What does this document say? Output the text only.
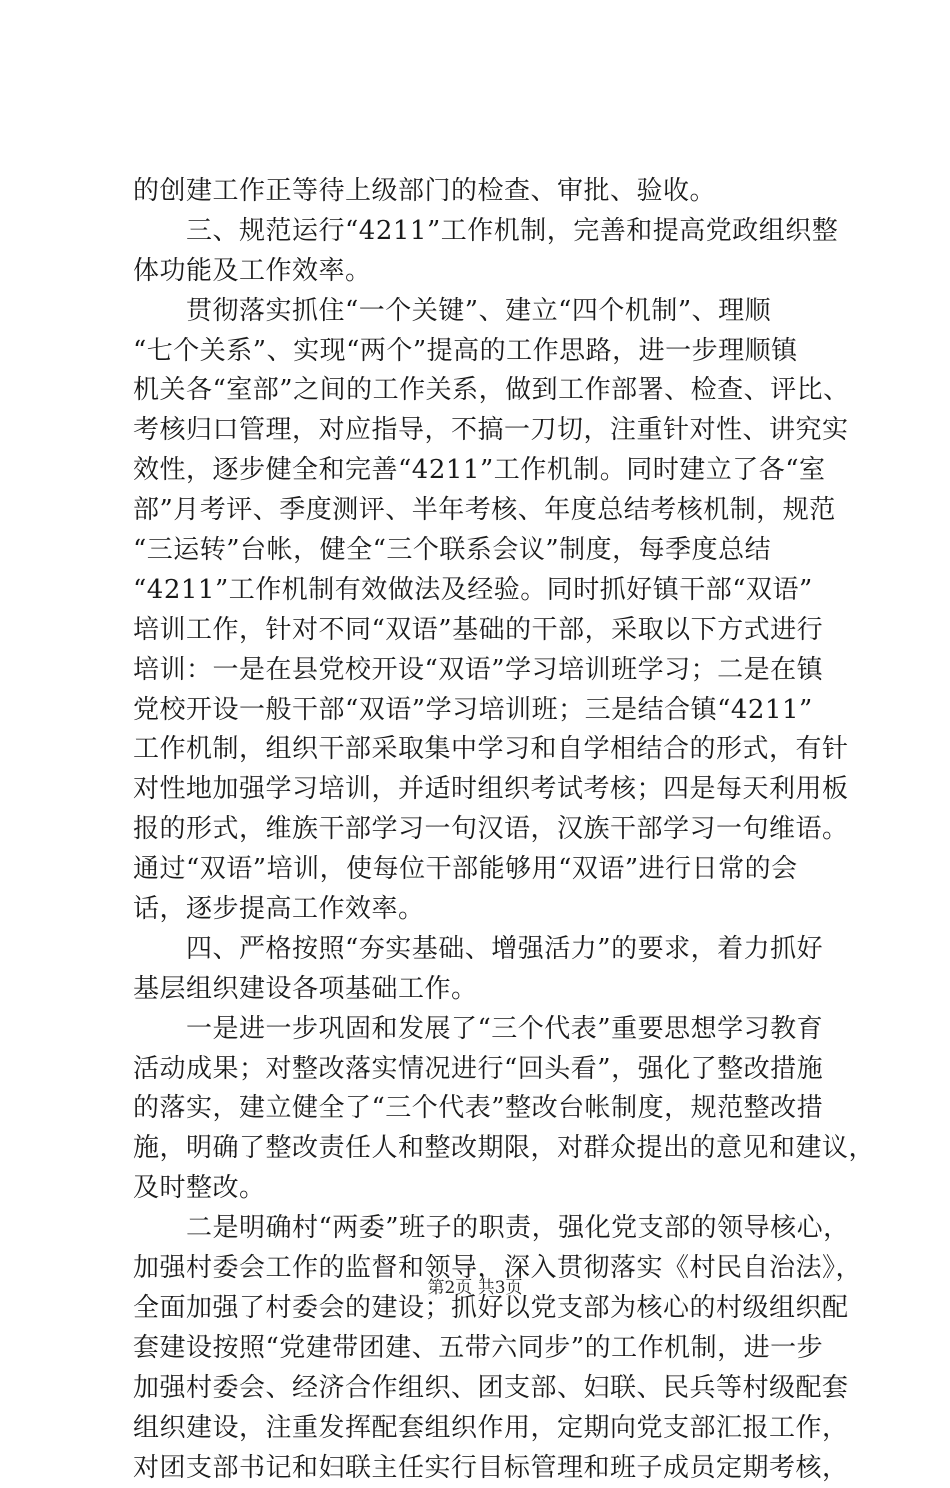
的创建工作正等待上级部门的检查、审批、验收。
　　三、规范运行“4211”工作机制，完善和提高党政组织整
体功能及工作效率。
　　贯彻落实抓住“一个关键”、建立“四个机制”、理顺
“七个关系”、实现“两个”提高的工作思路，进一步理顺镇
机关各“室部”之间的工作关系，做到工作部署、检查、评比、
考核归口管理，对应指导，不搞一刀切，注重针对性、讲究实
效性，逐步健全和完善“4211”工作机制。同时建立了各“室
部”月考评、季度测评、半年考核、年度总结考核机制，规范
“三运转”台帐，健全“三个联系会议”制度，每季度总结
“4211”工作机制有效做法及经验。同时抓好镇干部“双语”
培训工作，针对不同“双语”基础的干部，采取以下方式进行
培训：一是在县党校开设“双语”学习培训班学习；二是在镇
党校开设一般干部“双语”学习培训班；三是结合镇“4211”
工作机制，组织干部采取集中学习和自学相结合的形式，有针
对性地加强学习培训，并适时组织考试考核；四是每天利用板
报的形式，维族干部学习一句汉语，汉族干部学习一句维语。
通过“双语”培训，使每位干部能够用“双语”进行日常的会
话，逐步提高工作效率。
　　四、严格按照“夯实基础、增强活力”的要求，着力抓好
基层组织建设各项基础工作。
　　一是进一步巩固和发展了“三个代表”重要思想学习教育
活动成果；对整改落实情况进行“回头看”，强化了整改措施
的落实，建立健全了“三个代表”整改台帐制度，规范整改措
施，明确了整改责任人和整改期限，对群众提出的意见和建议，
及时整改。
　　二是明确村“两委”班子的职责，强化党支部的领导核心，
加强村委会工作的监督和领导，深入贯彻落实《村民自治法》，
全面加强了村委会的建设；抓好以党支部为核心的村级组织配
套建设按照“党建带团建、五带六同步”的工作机制，进一步
加强村委会、经济合作组织、团支部、妇联、民兵等村级配套
组织建设，注重发挥配套组织作用，定期向党支部汇报工作，
对团支部书记和妇联主任实行目标管理和班子成员定期考核，
第2页 共3页
